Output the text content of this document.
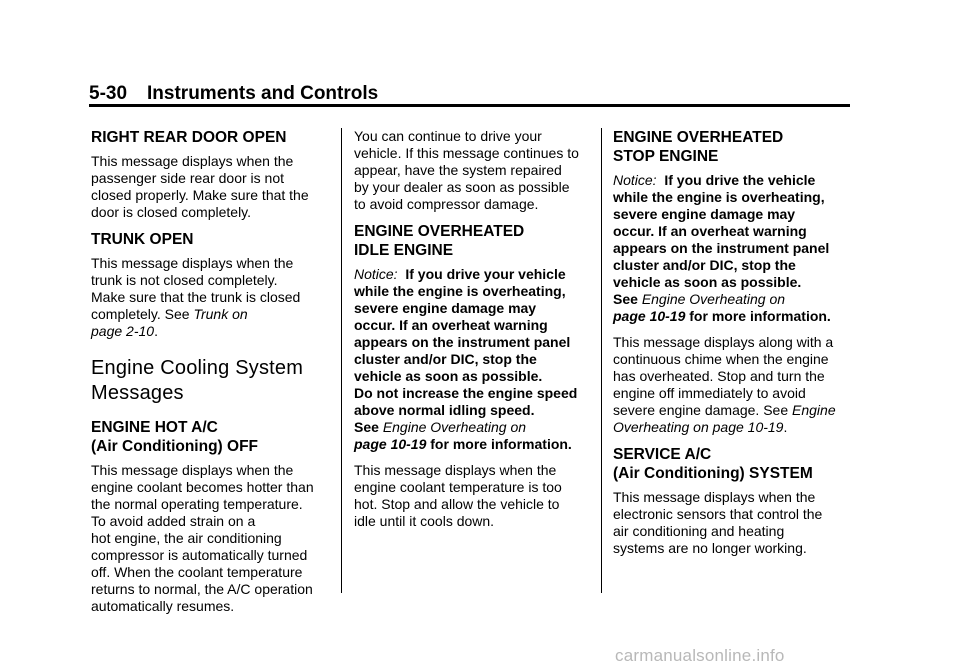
5-30 Instruments and Controls
RIGHT REAR DOOR OPEN

This message displays when the
passenger side rear door is not
closed properly. Make sure that the
door is closed completely.

TRUNK OPEN

This message displays when the
trunk is not closed completely.
Make sure that the trunk is closed
completely. See Trunk on
page 2-10.

Engine Cooling System
Messages
ENGINE HOT A/C
(Air Conditioning) OFF

This message displays when the
engine coolant becomes hotter than
the normal operating temperature.
To avoid added strain on a
hot engine, the air conditioning
compressor is automatically turned
off. When the coolant temperature
returns to normal, the A/C operation
automatically resumes.

You can continue to drive your
vehicle. If this message continues to
appear, have the system repaired
by your dealer as soon as possible
to avoid compressor damage.

ENGINE OVERHEATED
IDLE ENGINE

Notice: If you drive your vehicle
while the engine is overheating,
severe engine damage may
occur. If an overheat warning
appears on the instrument panel
cluster and/or DIC, stop the
vehicle as soon as possible.
Do not increase the engine speed
above normal idling speed.
See Engine Overheating on
page 10-19 for more information.

This message displays when the
engine coolant temperature is too
hot. Stop and allow the vehicle to
idle until it cools down.

ENGINE OVERHEATED
STOP ENGINE

Notice: If you drive the vehicle
while the engine is overheating,
severe engine damage may
occur. If an overheat warning
appears on the instrument panel
cluster and/or DIC, stop the
vehicle as soon as possible.
See Engine Overheating on
page 10-19 for more information.

This message displays along with a
continuous chime when the engine
has overheated. Stop and turn the
engine off immediately to avoid
severe engine damage. See Engine
Overheating on page 10-19.

SERVICE A/C
(Air Conditioning) SYSTEM

This message displays when the
electronic sensors that control the
air conditioning and heating
systems are no longer working.

carmanualsonline.info
